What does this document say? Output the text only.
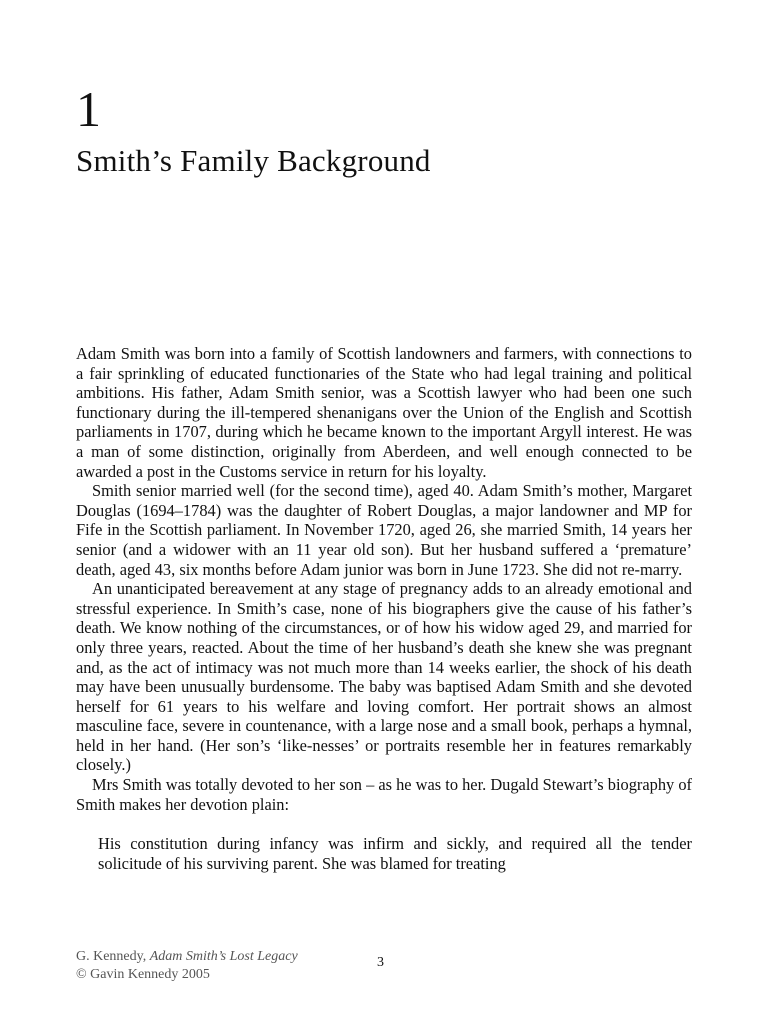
1
Smith’s Family Background

Adam Smith was born into a family of Scottish landowners and farmers, with connections to a fair sprinkling of educated functionaries of the State who had legal training and political ambitions. His father, Adam Smith senior, was a Scottish lawyer who had been one such functionary during the ill-tempered shenanigans over the Union of the English and Scottish parliaments in 1707, during which he became known to the important Argyll interest. He was a man of some distinction, originally from Aberdeen, and well enough connected to be awarded a post in the Customs service in return for his loyalty.

Smith senior married well (for the second time), aged 40. Adam Smith’s mother, Margaret Douglas (1694–1784) was the daughter of Robert Douglas, a major landowner and MP for Fife in the Scottish parliament. In November 1720, aged 26, she married Smith, 14 years her senior (and a widower with an 11 year old son). But her husband suffered a ‘premature’ death, aged 43, six months before Adam junior was born in June 1723. She did not re-marry.

An unanticipated bereavement at any stage of pregnancy adds to an already emotional and stressful experience. In Smith’s case, none of his biographers give the cause of his father’s death. We know nothing of the circumstances, or of how his widow aged 29, and married for only three years, reacted. About the time of her husband’s death she knew she was pregnant and, as the act of intimacy was not much more than 14 weeks earlier, the shock of his death may have been unusually burdensome. The baby was baptised Adam Smith and she devoted herself for 61 years to his welfare and loving comfort. Her portrait shows an almost masculine face, severe in countenance, with a large nose and a small book, perhaps a hymnal, held in her hand. (Her son’s ‘like-nesses’ or portraits resemble her in features remarkably closely.)

Mrs Smith was totally devoted to her son – as he was to her. Dugald Stewart’s biography of Smith makes her devotion plain:

His constitution during infancy was infirm and sickly, and required all the tender solicitude of his surviving parent. She was blamed for treating

G. Kennedy, Adam Smith’s Lost Legacy
© Gavin Kennedy 2005
3
